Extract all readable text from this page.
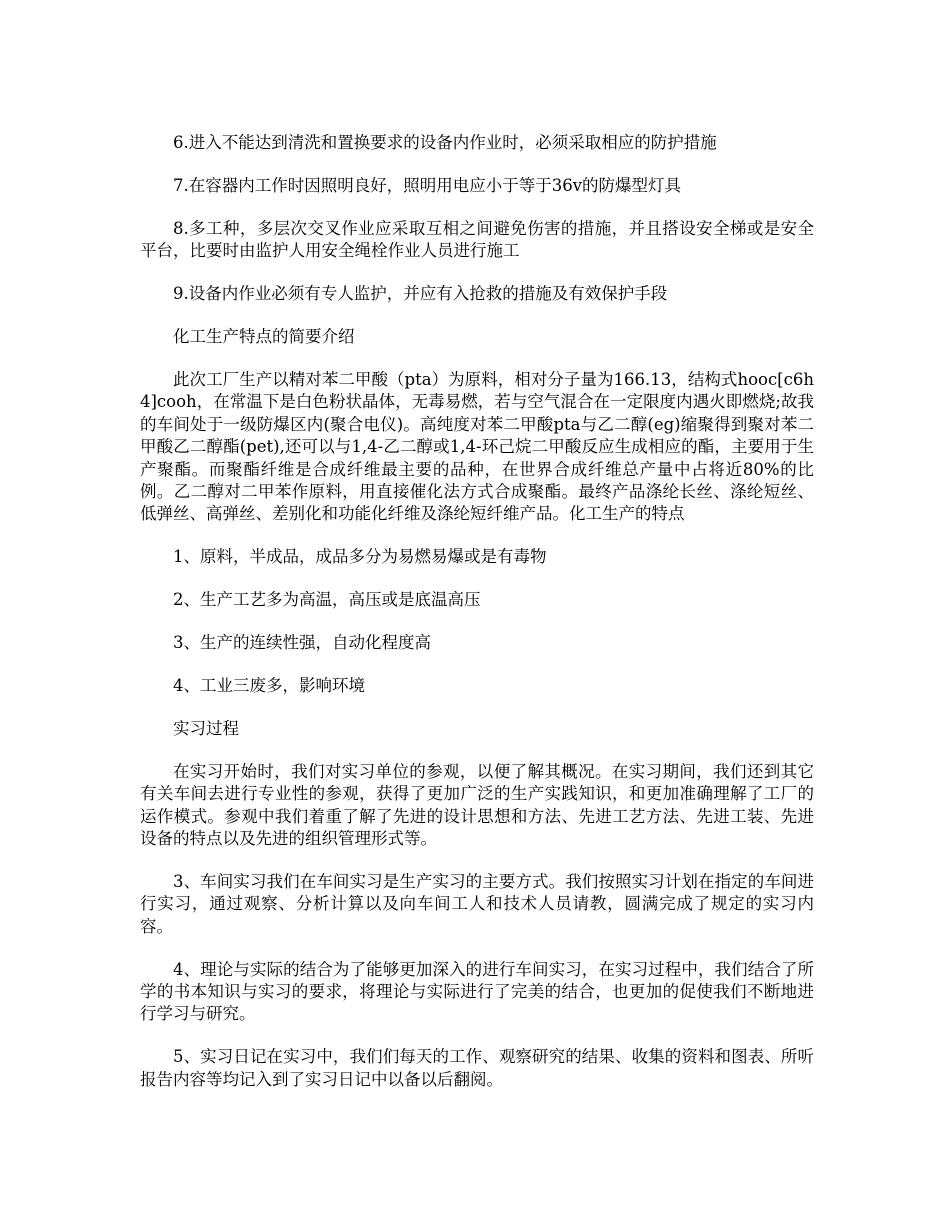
6.进入不能达到清洗和置换要求的设备内作业时，必须采取相应的防护措施

7.在容器内工作时因照明良好，照明用电应小于等于36v的防爆型灯具

8.多工种，多层次交叉作业应采取互相之间避免伤害的措施，并且搭设安全梯或是安全平台，比要时由监护人用安全绳栓作业人员进行施工

9.设备内作业必须有专人监护，并应有入抢救的措施及有效保护手段

化工生产特点的简要介绍

此次工厂生产以精对苯二甲酸（pta）为原料，相对分子量为166.13，结构式hooc[c6h4]cooh，在常温下是白色粉状晶体，无毒易燃，若与空气混合在一定限度内遇火即燃烧;故我的车间处于一级防爆区内(聚合电仪)。高纯度对苯二甲酸pta与乙二醇(eg)缩聚得到聚对苯二甲酸乙二醇酯(pet),还可以与1,4-乙二醇或1,4-环己烷二甲酸反应生成相应的酯，主要用于生产聚酯。而聚酯纤维是合成纤维最主要的品种，在世界合成纤维总产量中占将近80%的比例。乙二醇对二甲苯作原料，用直接催化法方式合成聚酯。最终产品涤纶长丝、涤纶短丝、低弹丝、高弹丝、差别化和功能化纤维及涤纶短纤维产品。化工生产的特点

1、原料，半成品，成品多分为易燃易爆或是有毒物

2、生产工艺多为高温，高压或是底温高压

3、生产的连续性强，自动化程度高

4、工业三废多，影响环境

实习过程

在实习开始时，我们对实习单位的参观，以便了解其概况。在实习期间，我们还到其它有关车间去进行专业性的参观，获得了更加广泛的生产实践知识，和更加准确理解了工厂的运作模式。参观中我们着重了解了先进的设计思想和方法、先进工艺方法、先进工装、先进设备的特点以及先进的组织管理形式等。

3、车间实习我们在车间实习是生产实习的主要方式。我们按照实习计划在指定的车间进行实习，通过观察、分析计算以及向车间工人和技术人员请教，圆满完成了规定的实习内容。

4、理论与实际的结合为了能够更加深入的进行车间实习，在实习过程中，我们结合了所学的书本知识与实习的要求，将理论与实际进行了完美的结合，也更加的促使我们不断地进行学习与研究。

5、实习日记在实习中，我们们每天的工作、观察研究的结果、收集的资料和图表、所听报告内容等均记入到了实习日记中以备以后翻阅。
